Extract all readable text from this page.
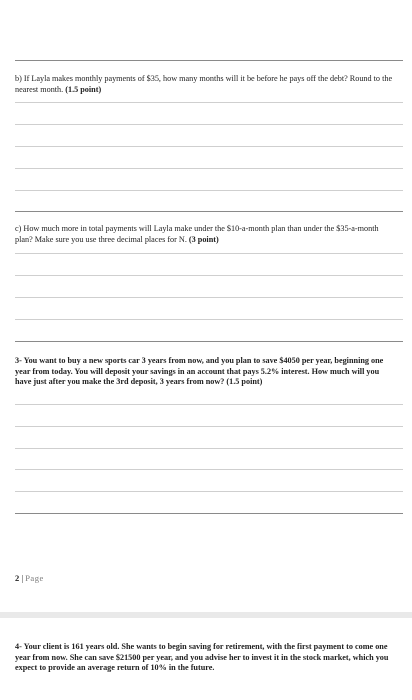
b) If Layla makes monthly payments of $35, how many months will it be before he pays off the debt? Round to the nearest month. (1.5 point)

c) How much more in total payments will Layla make under the $10-a-month plan than under the $35-a-month plan? Make sure you use three decimal places for N. (3 point)

3- You want to buy a new sports car 3 years from now, and you plan to save $4050 per year, beginning one year from today. You will deposit your savings in an account that pays 5.2% interest. How much will you have just after you make the 3rd deposit, 3 years from now? (1.5 point)

2 | Page

4- Your client is 161 years old. She wants to begin saving for retirement, with the first payment to come one year from now. She can save $21500 per year, and you advise her to invest it in the stock market, which you expect to provide an average return of 10% in the future.
